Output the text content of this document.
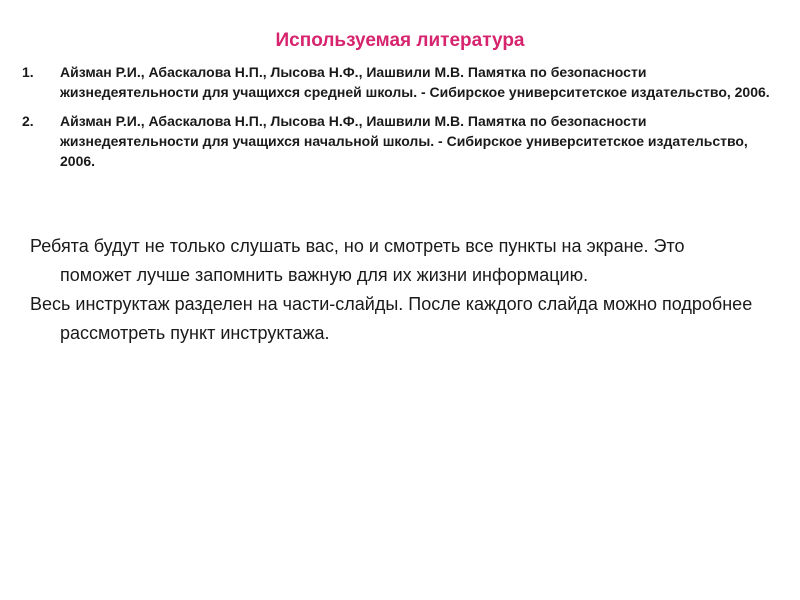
Используемая литература
1. Айзман Р.И., Абаскалова Н.П., Лысова Н.Ф., Иашвили М.В. Памятка по безопасности жизнедеятельности для учащихся средней школы. - Сибирское университетское издательство, 2006.
2. Айзман Р.И., Абаскалова Н.П., Лысова Н.Ф., Иашвили М.В. Памятка по безопасности жизнедеятельности для учащихся начальной школы. - Сибирское университетское издательство, 2006.

Ребята будут не только слушать вас, но и смотреть все пункты на экране. Это поможет лучше запомнить важную для их жизни информацию.

Весь инструктаж разделен на части-слайды. После каждого слайда можно подробнее рассмотреть пункт инструктажа.
